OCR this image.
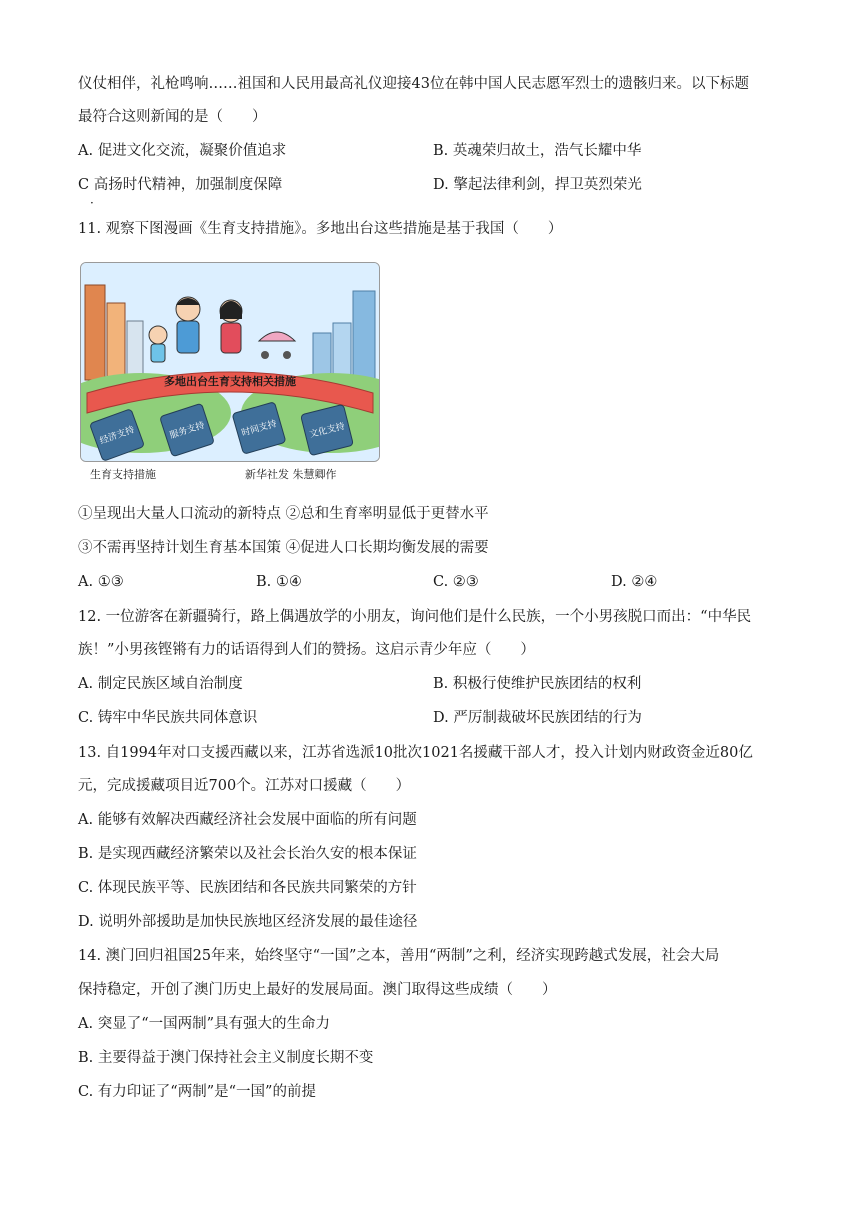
仪仗相伴，礼枪鸣响……祖国和人民用最高礼仪迎接43位在韩中国人民志愿军烈士的遗骸归来。以下标题
最符合这则新闻的是（　　）
A. 促进文化交流，凝聚价值追求	B. 英魂荣归故土，浩气长耀中华
C 高扬时代精神，加强制度保障
·
D. 擎起法律利剑，捍卫英烈荣光
11. 观察下图漫画《生育支持措施》。多地出台这些措施是基于我国（　　）
多地出台生育支持相关措施
经济支持	服务支持	时间支持	文化支持
生育支持措施	新华社发 朱慧卿作
①呈现出大量人口流动的新特点 ②总和生育率明显低于更替水平
③不需再坚持计划生育基本国策 ④促进人口长期均衡发展的需要
A. ①③	B. ①④	C. ②③	D. ②④
12. 一位游客在新疆骑行，路上偶遇放学的小朋友，询问他们是什么民族，一个小男孩脱口而出：“中华民
族！”小男孩铿锵有力的话语得到人们的赞扬。这启示青少年应（　　）
A. 制定民族区域自治制度	B. 积极行使维护民族团结的权利
C. 铸牢中华民族共同体意识	D. 严厉制裁破坏民族团结的行为
13. 自1994年对口支援西藏以来，江苏省选派10批次1021名援藏干部人才，投入计划内财政资金近80亿
元，完成援藏项目近700个。江苏对口援藏（　　）
A. 能够有效解决西藏经济社会发展中面临的所有问题
B. 是实现西藏经济繁荣以及社会长治久安的根本保证
C. 体现民族平等、民族团结和各民族共同繁荣的方针
D. 说明外部援助是加快民族地区经济发展的最佳途径
14. 澳门回归祖国25年来，始终坚守“一国”之本，善用“两制”之利，经济实现跨越式发展，社会大局
保持稳定，开创了澳门历史上最好的发展局面。澳门取得这些成绩（　　）
A. 突显了“一国两制”具有强大的生命力
B. 主要得益于澳门保持社会主义制度长期不变
C. 有力印证了“两制”是“一国”的前提
